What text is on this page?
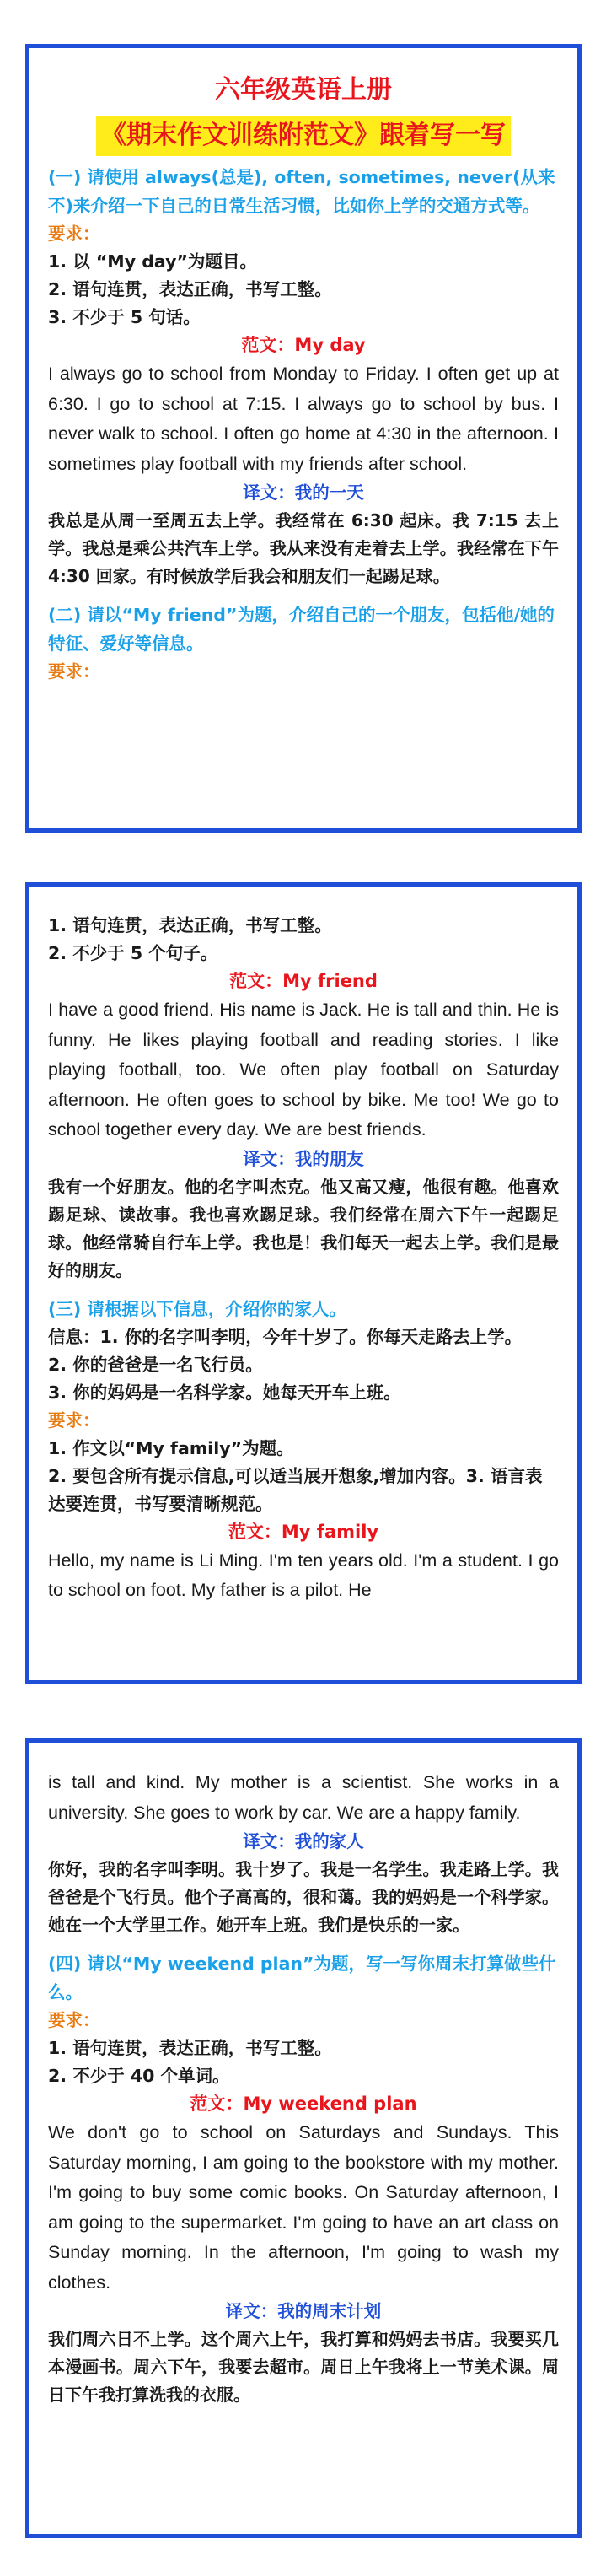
六年级英语上册
《期末作文训练附范文》跟着写一写
(一) 请使用 always(总是), often, sometimes, never(从来不)来介绍一下自己的日常生活习惯，比如你上学的交通方式等。
要求：
1. 以 “My day”为题目。
2. 语句连贯，表达正确，书写工整。
3. 不少于 5 句话。
范文：My day
I always go to school from Monday to Friday. I often get up at 6:30. I go to school at 7:15. I always go to school by bus. I never walk to school. I often go home at 4:30 in the afternoon. I sometimes play football with my friends after school.
译文：我的一天
我总是从周一至周五去上学。我经常在 6:30 起床。我 7:15 去上学。我总是乘公共汽车上学。我从来没有走着去上学。我经常在下午 4:30 回家。有时候放学后我会和朋友们一起踢足球。
(二) 请以“My friend”为题，介绍自己的一个朋友，包括他/她的特征、爱好等信息。
要求：
1. 语句连贯，表达正确，书写工整。
2. 不少于 5 个句子。
范文：My friend
I have a good friend. His name is Jack. He is tall and thin. He is funny. He likes playing football and reading stories. I like playing football, too. We often play football on Saturday afternoon. He often goes to school by bike. Me too! We go to school together every day. We are best friends.
译文：我的朋友
我有一个好朋友。他的名字叫杰克。他又高又瘦，他很有趣。他喜欢踢足球、读故事。我也喜欢踢足球。我们经常在周六下午一起踢足球。他经常骑自行车上学。我也是！我们每天一起去上学。我们是最好的朋友。
(三) 请根据以下信息，介绍你的家人。
信息：1. 你的名字叫李明，今年十岁了。你每天走路去上学。
2. 你的爸爸是一名飞行员。
3. 你的妈妈是一名科学家。她每天开车上班。
要求：
1. 作文以“My family”为题。
2. 要包含所有提示信息,可以适当展开想象,增加内容。3. 语言表达要连贯，书写要清晰规范。
范文：My family
Hello, my name is Li Ming. I'm ten years old. I'm a student. I go to school on foot. My father is a pilot. He
is tall and kind. My mother is a scientist. She works in a university. She goes to work by car. We are a happy family.
译文：我的家人
你好，我的名字叫李明。我十岁了。我是一名学生。我走路上学。我爸爸是个飞行员。他个子高高的，很和蔼。我的妈妈是一个科学家。她在一个大学里工作。她开车上班。我们是快乐的一家。
(四) 请以“My weekend plan”为题，写一写你周末打算做些什么。
要求：
1. 语句连贯，表达正确，书写工整。
2. 不少于 40 个单词。
范文：My weekend plan
We don't go to school on Saturdays and Sundays. This Saturday morning, I am going to the bookstore with my mother. I'm going to buy some comic books. On Saturday afternoon, I am going to the supermarket. I'm going to have an art class on Sunday morning. In the afternoon, I'm going to wash my clothes.
译文：我的周末计划
我们周六日不上学。这个周六上午，我打算和妈妈去书店。我要买几本漫画书。周六下午，我要去超市。周日上午我将上一节美术课。周日下午我打算洗我的衣服。
